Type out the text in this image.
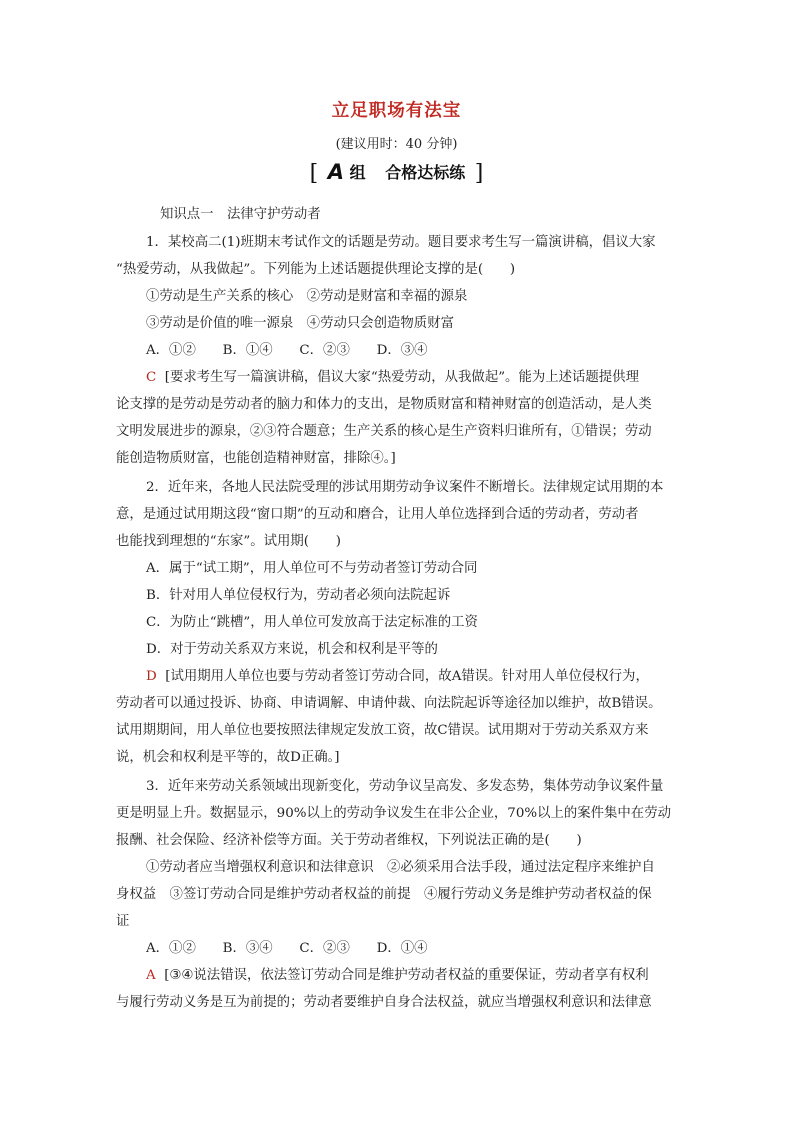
立足职场有法宝
(建议用时：40 分钟)
[ A 组 合格达标练 ]
知识点一　法律守护劳动者
1．某校高二(1)班期末考试作文的话题是劳动。题目要求考生写一篇演讲稿，倡议大家
“热爱劳动，从我做起”。下列能为上述话题提供理论支撑的是(　　)
①劳动是生产关系的核心　②劳动是财富和幸福的源泉
③劳动是价值的唯一源泉　④劳动只会创造物质财富
A．①②　　B．①④　　C．②③　　D．③④
C [要求考生写一篇演讲稿，倡议大家“热爱劳动，从我做起”。能为上述话题提供理
论支撑的是劳动是劳动者的脑力和体力的支出，是物质财富和精神财富的创造活动，是人类
文明发展进步的源泉，②③符合题意；生产关系的核心是生产资料归谁所有，①错误；劳动
能创造物质财富，也能创造精神财富，排除④。]
2．近年来，各地人民法院受理的涉试用期劳动争议案件不断增长。法律规定试用期的本
意，是通过试用期这段“窗口期”的互动和磨合，让用人单位选择到合适的劳动者，劳动者
也能找到理想的“东家”。试用期(　　)
A．属于“试工期”，用人单位可不与劳动者签订劳动合同
B．针对用人单位侵权行为，劳动者必须向法院起诉
C．为防止“跳槽”，用人单位可发放高于法定标准的工资
D．对于劳动关系双方来说，机会和权利是平等的
D [试用期用人单位也要与劳动者签订劳动合同，故A错误。针对用人单位侵权行为，
劳动者可以通过投诉、协商、申请调解、申请仲裁、向法院起诉等途径加以维护，故B错误。
试用期期间，用人单位也要按照法律规定发放工资，故C错误。试用期对于劳动关系双方来
说，机会和权利是平等的，故D正确。]
3．近年来劳动关系领域出现新变化，劳动争议呈高发、多发态势，集体劳动争议案件量
更是明显上升。数据显示，90%以上的劳动争议发生在非公企业，70%以上的案件集中在劳动
报酬、社会保险、经济补偿等方面。关于劳动者维权，下列说法正确的是(　　)
①劳动者应当增强权利意识和法律意识　②必须采用合法手段，通过法定程序来维护自
身权益　③签订劳动合同是维护劳动者权益的前提　④履行劳动义务是维护劳动者权益的保
证
A．①②　　B．③④　　C．②③　　D．①④
A [③④说法错误，依法签订劳动合同是维护劳动者权益的重要保证，劳动者享有权利
与履行劳动义务是互为前提的；劳动者要维护自身合法权益，就应当增强权利意识和法律意
